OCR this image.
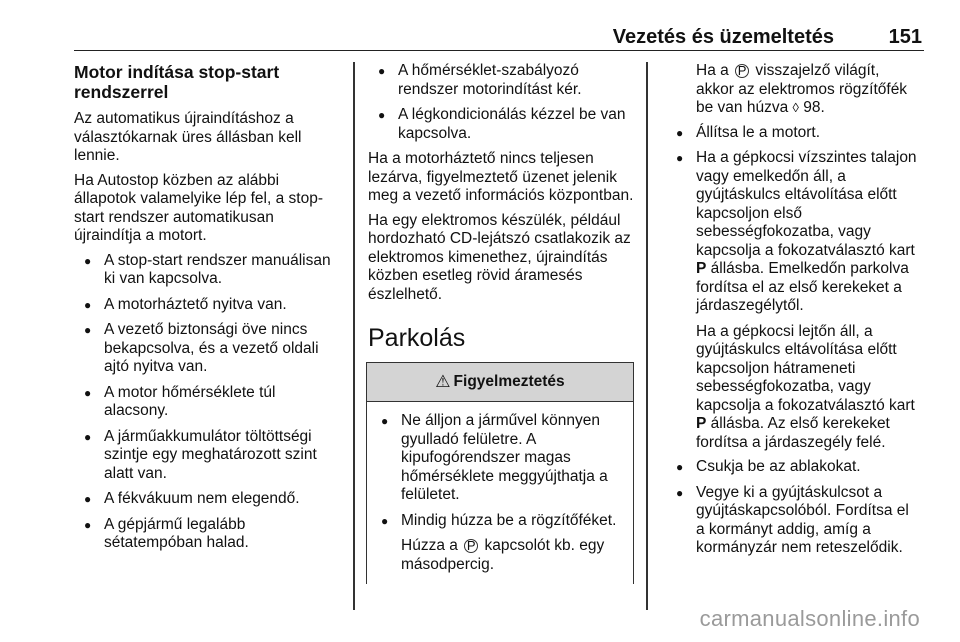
Vezetés és üzemeltetés	151
Motor indítása stop-start rendszerrel

Az automatikus újraindításhoz a választókarnak üres állásban kell lennie.

Ha Autostop közben az alábbi állapotok valamelyike lép fel, a stop-start rendszer automatikusan újraindítja a motort.

● A stop-start rendszer manuálisan ki van kapcsolva.
● A motorháztető nyitva van.
● A vezető biztonsági öve nincs bekapcsolva, és a vezető oldali ajtó nyitva van.
● A motor hőmérséklete túl alacsony.
● A járműakkumulátor töltöttségi szintje egy meghatározott szint alatt van.
● A fékvákuum nem elegendő.
● A gépjármű legalább sétatempóban halad.
● A hőmérséklet-szabályozó rendszer motorindítást kér.
● A légkondicionálás kézzel be van kapcsolva.

Ha a motorháztető nincs teljesen lezárva, figyelmeztető üzenet jelenik meg a vezető információs központban.

Ha egy elektromos készülék, például hordozható CD-lejátszó csatlakozik az elektromos kimenethez, újraindítás közben esetleg rövid áramesés észlelhető.

Parkolás
⚠ Figyelmeztetés
● Ne álljon a járművel könnyen gyulladó felületre. A kipufogórendszer magas hőmérséklete meggyújthatja a felületet.
● Mindig húzza be a rögzítőféket.
Húzza a P kapcsolót kb. egy másodpercig.

Ha a P visszajelző világít, akkor az elektromos rögzítőfék be van húzva ◊ 98.

● Állítsa le a motort.
● Ha a gépkocsi vízszintes talajon vagy emelkedőn áll, a gyújtáskulcs eltávolítása előtt kapcsoljon első sebességfokozatba, vagy kapcsolja a fokozatválasztó kart P állásba. Emelkedőn parkolva fordítsa el az első kerekeket a járdaszegélytől.

Ha a gépkocsi lejtőn áll, a gyújtáskulcs eltávolítása előtt kapcsoljon hátrameneti sebességfokozatba, vagy kapcsolja a fokozatválasztó kart P állásba. Az első kerekeket fordítsa a járdaszegély felé.

● Csukja be az ablakokat.
● Vegye ki a gyújtáskulcsot a gyújtáskapcsolóból. Fordítsa el a kormányt addig, amíg a kormányzár nem reteszelődik.
carmanualsonline.info
